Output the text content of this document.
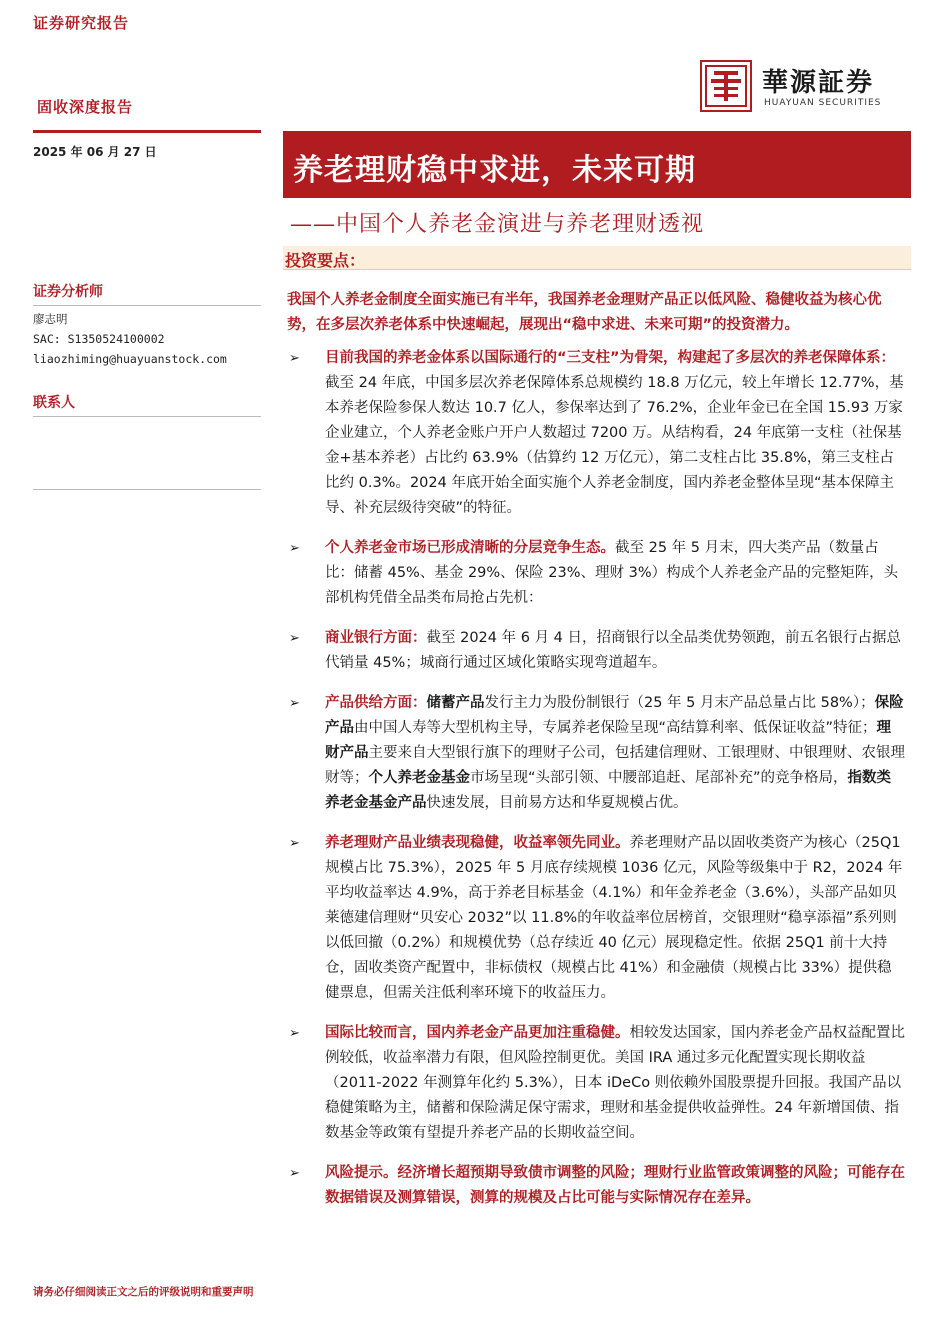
证券研究报告
固收深度报告
2025 年 06 月 27 日
華源証券
HUAYUAN SECURITIES
养老理财稳中求进，未来可期
——中国个人养老金演进与养老理财透视
投资要点：
证券分析师
廖志明
SAC: S1350524100002
liaozhiming@huayuanstock.com
联系人

我国个人养老金制度全面实施已有半年，我国养老金理财产品正以低风险、稳健收益为核心优势，在多层次养老体系中快速崛起，展现出“稳中求进、未来可期”的投资潜力。

➢ 目前我国的养老金体系以国际通行的“三支柱”为骨架，构建起了多层次的养老保障体系：截至 24 年底，中国多层次养老保障体系总规模约 18.8 万亿元，较上年增长 12.77%，基本养老保险参保人数达 10.7 亿人，参保率达到了 76.2%，企业年金已在全国 15.93 万家企业建立，个人养老金账户开户人数超过 7200 万。从结构看，24 年底第一支柱（社保基金+基本养老）占比约 63.9%（估算约 12 万亿元），第二支柱占比 35.8%，第三支柱占比约 0.3%。2024 年底开始全面实施个人养老金制度，国内养老金整体呈现“基本保障主导、补充层级待突破”的特征。
➢ 个人养老金市场已形成清晰的分层竞争生态。截至 25 年 5 月末，四大类产品（数量占比：储蓄 45%、基金 29%、保险 23%、理财 3%）构成个人养老金产品的完整矩阵，头部机构凭借全品类布局抢占先机：
➢ 商业银行方面：截至 2024 年 6 月 4 日，招商银行以全品类优势领跑，前五名银行占据总代销量 45%；城商行通过区域化策略实现弯道超车。
➢ 产品供给方面：储蓄产品发行主力为股份制银行（25 年 5 月末产品总量占比 58%）；保险产品由中国人寿等大型机构主导，专属养老保险呈现“高结算利率、低保证收益”特征；理财产品主要来自大型银行旗下的理财子公司，包括建信理财、工银理财、中银理财、农银理财等；个人养老金基金市场呈现“头部引领、中腰部追赶、尾部补充”的竞争格局，指数类养老金基金产品快速发展，目前易方达和华夏规模占优。
➢ 养老理财产品业绩表现稳健，收益率领先同业。养老理财产品以固收类资产为核心（25Q1 规模占比 75.3%），2025 年 5 月底存续规模 1036 亿元，风险等级集中于 R2，2024 年平均收益率达 4.9%，高于养老目标基金（4.1%）和年金养老金（3.6%），头部产品如贝莱德建信理财“贝安心 2032”以 11.8%的年收益率位居榜首，交银理财“稳享添福”系列则以低回撤（0.2%）和规模优势（总存续近 40 亿元）展现稳定性。依据 25Q1 前十大持仓，固收类资产配置中，非标债权（规模占比 41%）和金融债（规模占比 33%）提供稳健票息，但需关注低利率环境下的收益压力。
➢ 国际比较而言，国内养老金产品更加注重稳健。相较发达国家，国内养老金产品权益配置比例较低，收益率潜力有限，但风险控制更优。美国 IRA 通过多元化配置实现长期收益（2011-2022 年测算年化约 5.3%），日本 iDeCo 则依赖外国股票提升回报。我国产品以稳健策略为主，储蓄和保险满足保守需求，理财和基金提供收益弹性。24 年新增国债、指数基金等政策有望提升养老产品的长期收益空间。
➢ 风险提示。经济增长超预期导致债市调整的风险；理财行业监管政策调整的风险；可能存在数据错误及测算错误，测算的规模及占比可能与实际情况存在差异。
请务必仔细阅读正文之后的评级说明和重要声明
